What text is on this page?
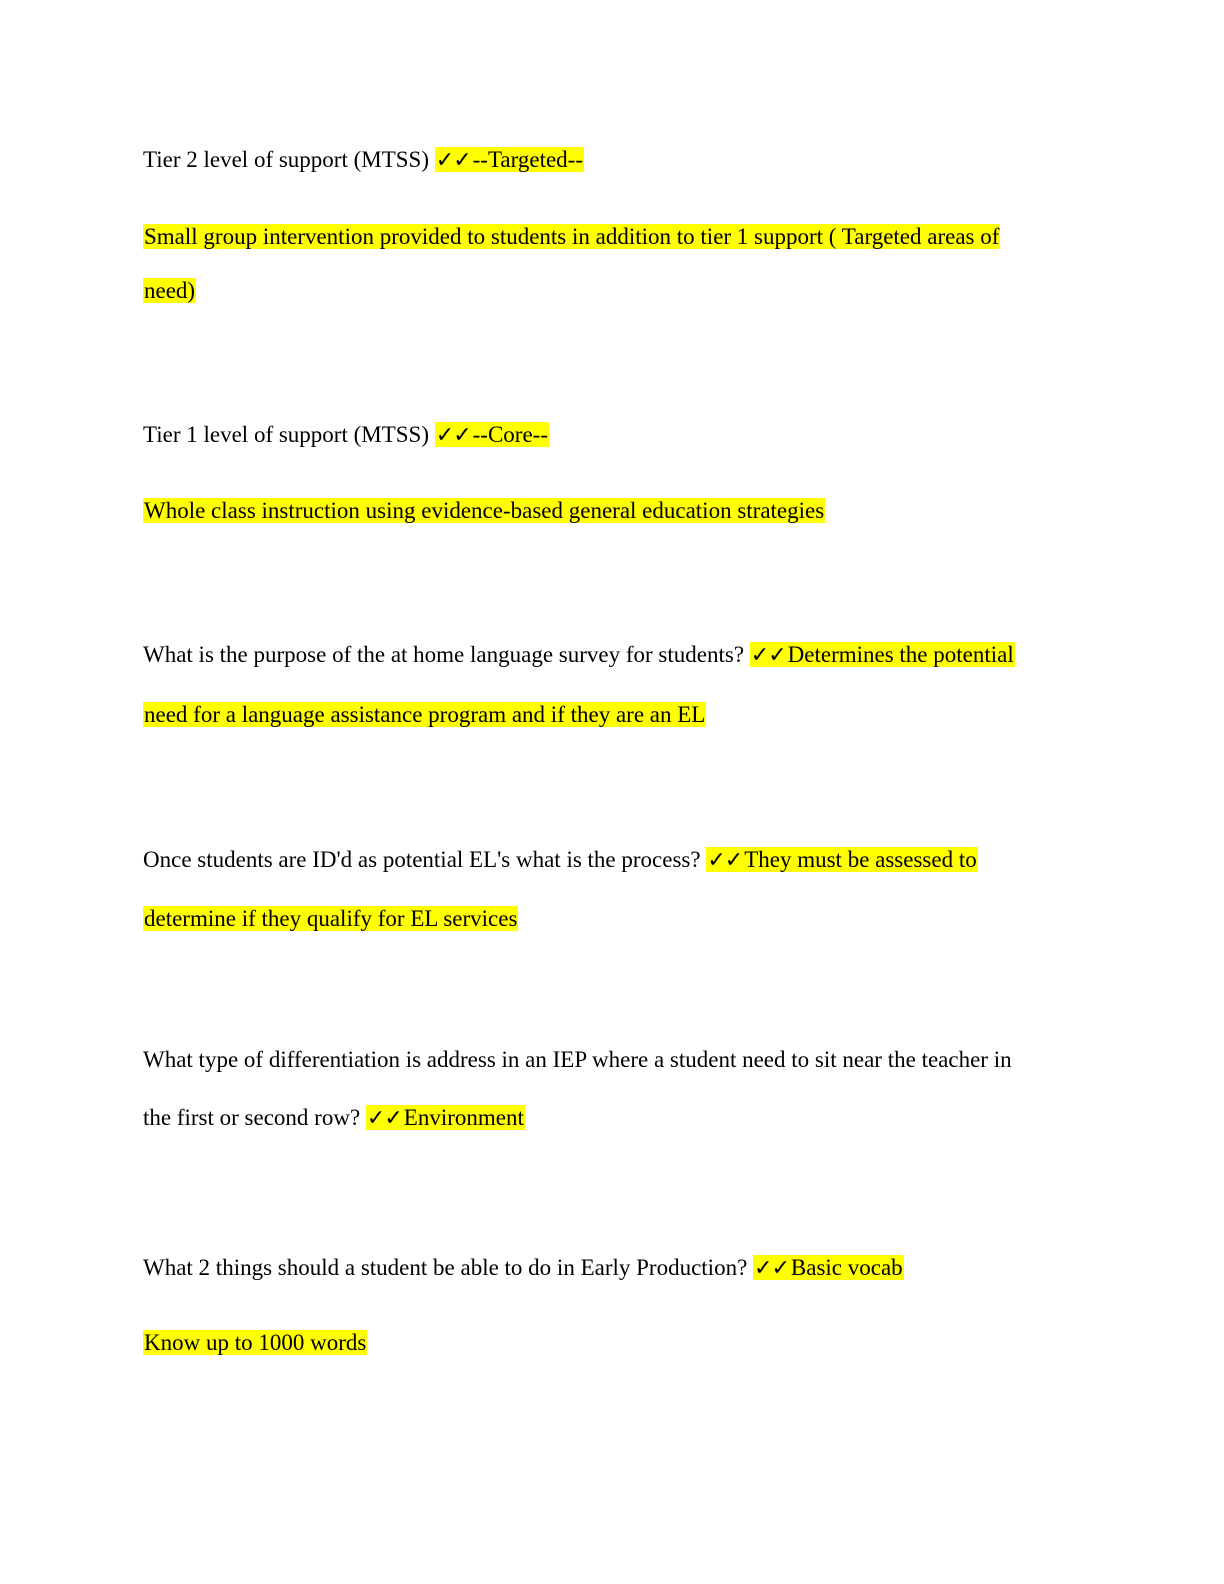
Tier 2 level of support (MTSS) ✓✓--Targeted--
Small group intervention provided to students in addition to tier 1 support ( Targeted areas of
need)
Tier 1 level of support (MTSS) ✓✓--Core--
Whole class instruction using evidence-based general education strategies
What is the purpose of the at home language survey for students? ✓✓Determines the potential
need for a language assistance program and if they are an EL
Once students are ID'd as potential EL's what is the process? ✓✓They must be assessed to
determine if they qualify for EL services
What type of differentiation is address in an IEP where a student need to sit near the teacher in
the first or second row? ✓✓Environment
What 2 things should a student be able to do in Early Production? ✓✓Basic vocab
Know up to 1000 words
